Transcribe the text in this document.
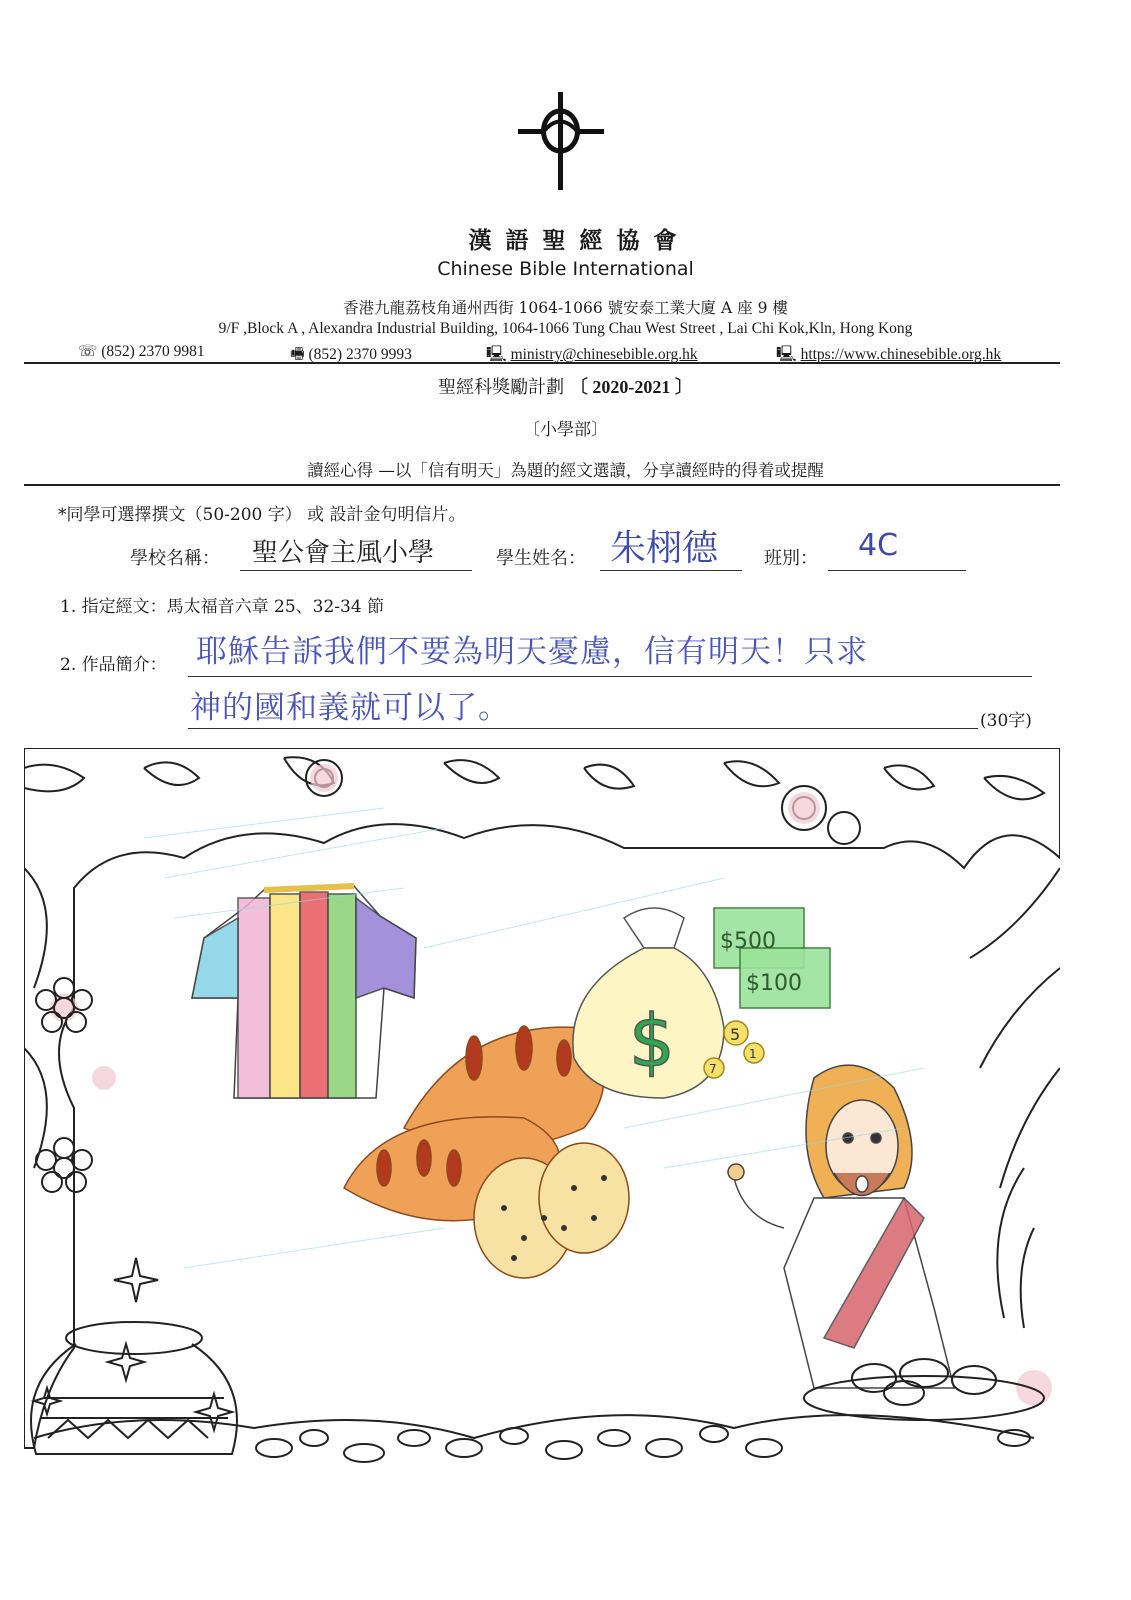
漢語聖經協會
Chinese Bible International
香港九龍荔枝角通州西街 1064-1066 號安泰工業大廈 A 座 9 樓
9/F ,Block A , Alexandra Industrial Building, 1064-1066 Tung Chau West Street , Lai Chi Kok,Kln, Hong Kong
☏ (852) 2370 9981	🖷 (852) 2370 9993	🖳 ministry@chinesebible.org.hk	🖳 https://www.chinesebible.org.hk
聖經科獎勵計劃 〔 2020-2021 〕
〔小學部〕
讀經心得 —以「信有明天」為題的經文選讀，分享讀經時的得着或提醒
*同學可選擇撰文（50-200 字） 或 設計金句明信片。
學校名稱： 聖公會主風小學	學生姓名： 朱栩德	班別： 4C
1. 指定經文：馬太福音六章 25、32-34 節
2. 作品簡介： 耶穌告訴我們不要為明天憂慮，信有明天！只求
神的國和義就可以了。	(30字)
$
$500
$100
5
1
7
